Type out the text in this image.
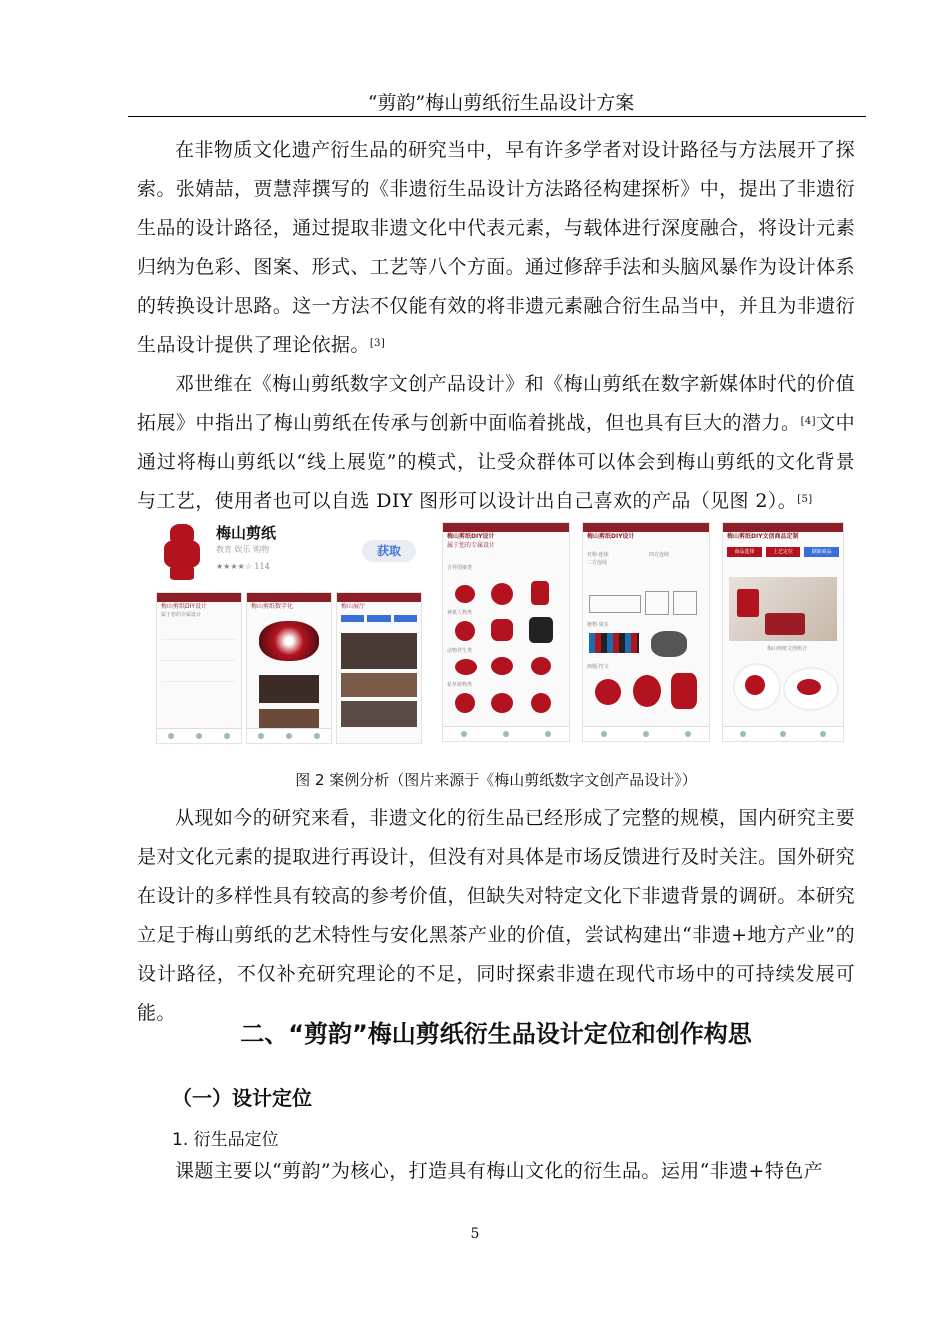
“剪韵”梅山剪纸衍生品设计方案

在非物质文化遗产衍生品的研究当中，早有许多学者对设计路径与方法展开了探索。张婧喆，贾慧萍撰写的《非遗衍生品设计方法路径构建探析》中，提出了非遗衍生品的设计路径，通过提取非遗文化中代表元素，与载体进行深度融合，将设计元素归纳为色彩、图案、形式、工艺等八个方面。通过修辞手法和头脑风暴作为设计体系的转换设计思路。这一方法不仅能有效的将非遗元素融合衍生品当中，并且为非遗衍生品设计提供了理论依据。[3]

邓世维在《梅山剪纸数字文创产品设计》和《梅山剪纸在数字新媒体时代的价值拓展》中指出了梅山剪纸在传承与创新中面临着挑战，但也具有巨大的潜力。[4]文中通过将梅山剪纸以“线上展览”的模式，让受众群体可以体会到梅山剪纸的文化背景与工艺，使用者也可以自选 DIY 图形可以设计出自己喜欢的产品（见图 2）。[5]

梅山剪纸
教育 娱乐 购物
★★★★☆ 114
获取
梅山剪纸DIY设计
属于您的专属设计
梅山剪纸数字化	梅山展厅
梅山剪纸DIY设计
属于您的专属设计
吉祥图案类
神祇人物类
动物祥生类
花草植物类
梅山剪纸DIY设计
对称·连续
二方连续
四方连续
植物·果实
画题·符文
梅山剪纸DIY文创商品定制
商品选择	上艺定位	刷新商品
梅山剪纸文创组合
图 2 案例分析（图片来源于《梅山剪纸数字文创产品设计》）

从现如今的研究来看，非遗文化的衍生品已经形成了完整的规模，国内研究主要是对文化元素的提取进行再设计，但没有对具体是市场反馈进行及时关注。国外研究在设计的多样性具有较高的参考价值，但缺失对特定文化下非遗背景的调研。本研究立足于梅山剪纸的艺术特性与安化黑茶产业的价值，尝试构建出“非遗+地方产业”的设计路径，不仅补充研究理论的不足，同时探索非遗在现代市场中的可持续发展可能。

二、“剪韵”梅山剪纸衍生品设计定位和创作构思
（一）设计定位
1. 衍生品定位

课题主要以“剪韵”为核心，打造具有梅山文化的衍生品。运用“非遗+特色产

5
